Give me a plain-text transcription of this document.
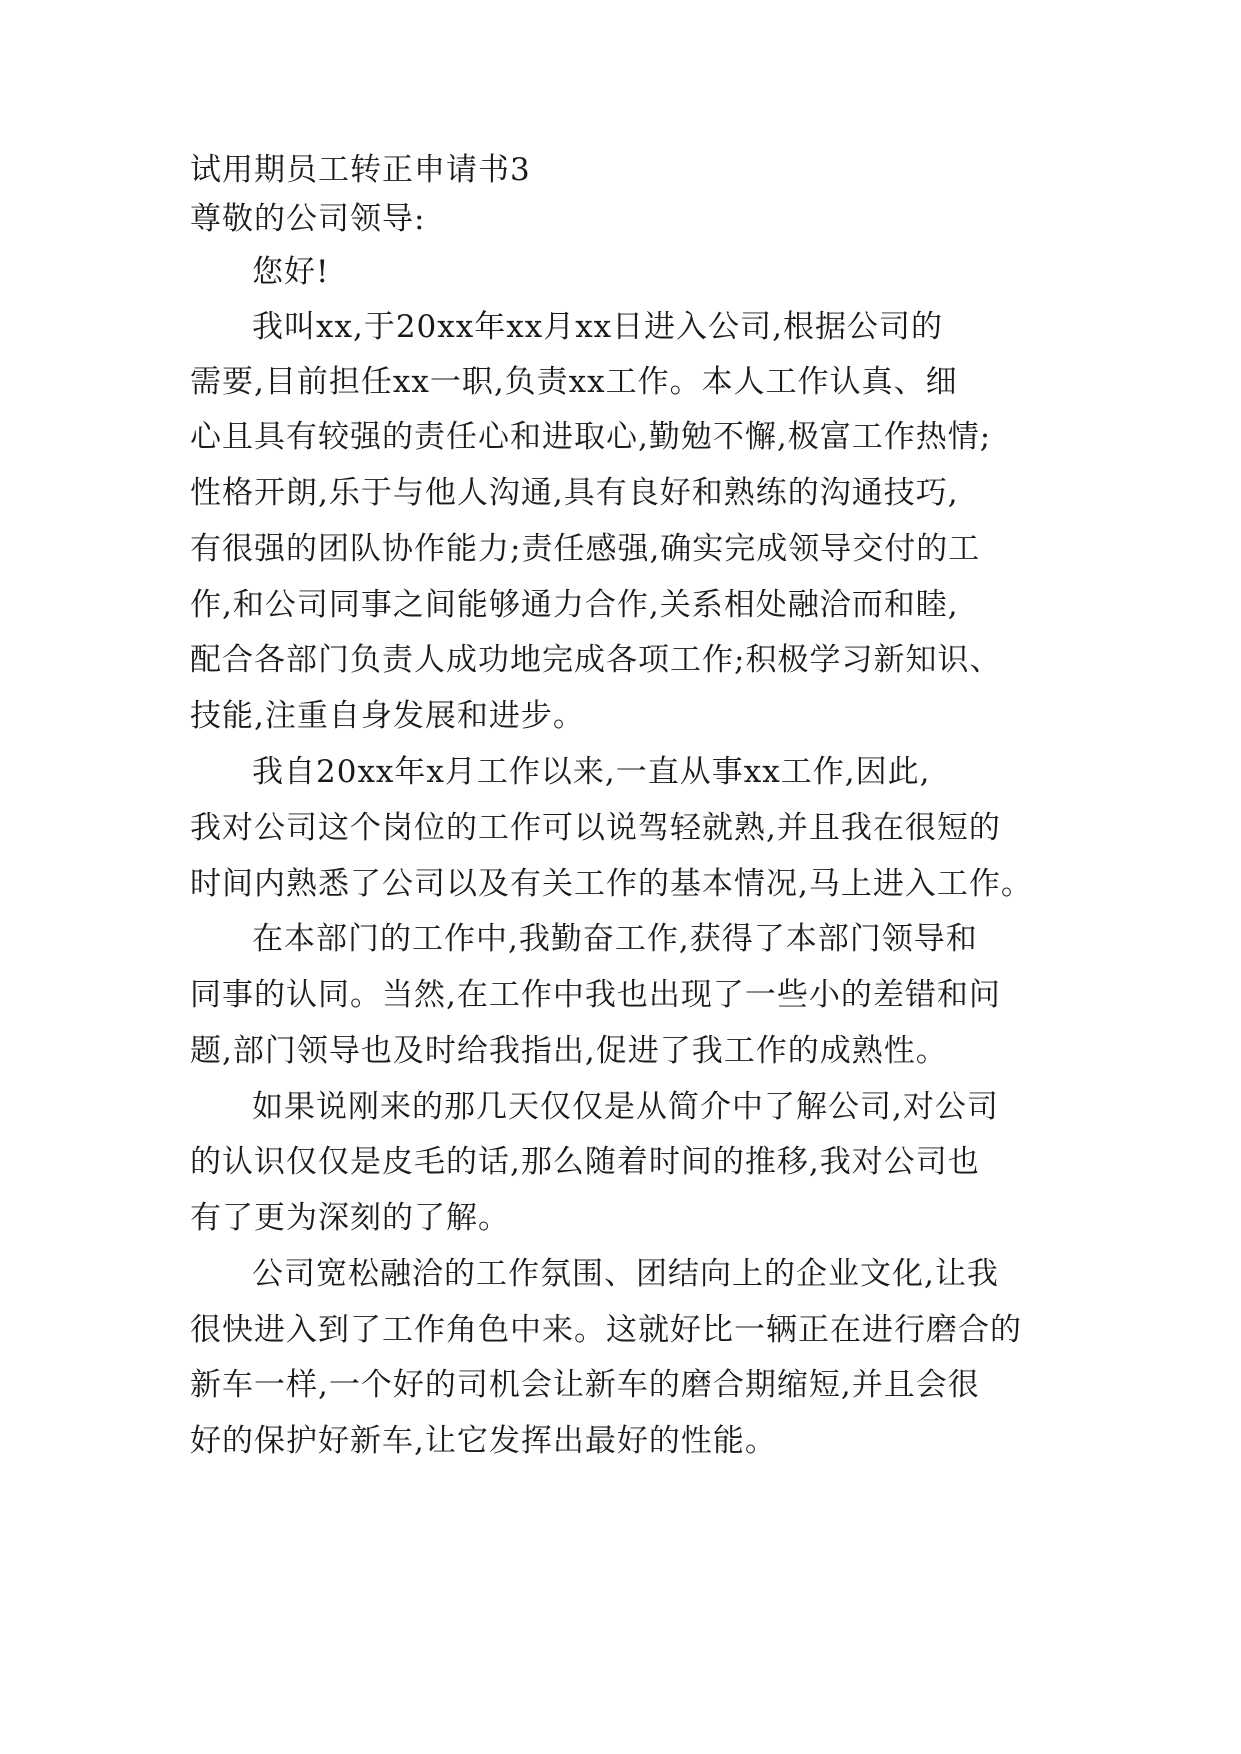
试用期员工转正申请书3
尊敬的公司领导:
您好!
我叫xx,于20xx年xx月xx日进入公司,根据公司的
需要,目前担任xx一职,负责xx工作。本人工作认真、细
心且具有较强的责任心和进取心,勤勉不懈,极富工作热情;
性格开朗,乐于与他人沟通,具有良好和熟练的沟通技巧,
有很强的团队协作能力;责任感强,确实完成领导交付的工
作,和公司同事之间能够通力合作,关系相处融洽而和睦,
配合各部门负责人成功地完成各项工作;积极学习新知识、
技能,注重自身发展和进步。
我自20xx年x月工作以来,一直从事xx工作,因此,
我对公司这个岗位的工作可以说驾轻就熟,并且我在很短的
时间内熟悉了公司以及有关工作的基本情况,马上进入工作。
在本部门的工作中,我勤奋工作,获得了本部门领导和
同事的认同。当然,在工作中我也出现了一些小的差错和问
题,部门领导也及时给我指出,促进了我工作的成熟性。
如果说刚来的那几天仅仅是从简介中了解公司,对公司
的认识仅仅是皮毛的话,那么随着时间的推移,我对公司也
有了更为深刻的了解。
公司宽松融洽的工作氛围、团结向上的企业文化,让我
很快进入到了工作角色中来。这就好比一辆正在进行磨合的
新车一样,一个好的司机会让新车的磨合期缩短,并且会很
好的保护好新车,让它发挥出最好的性能。
